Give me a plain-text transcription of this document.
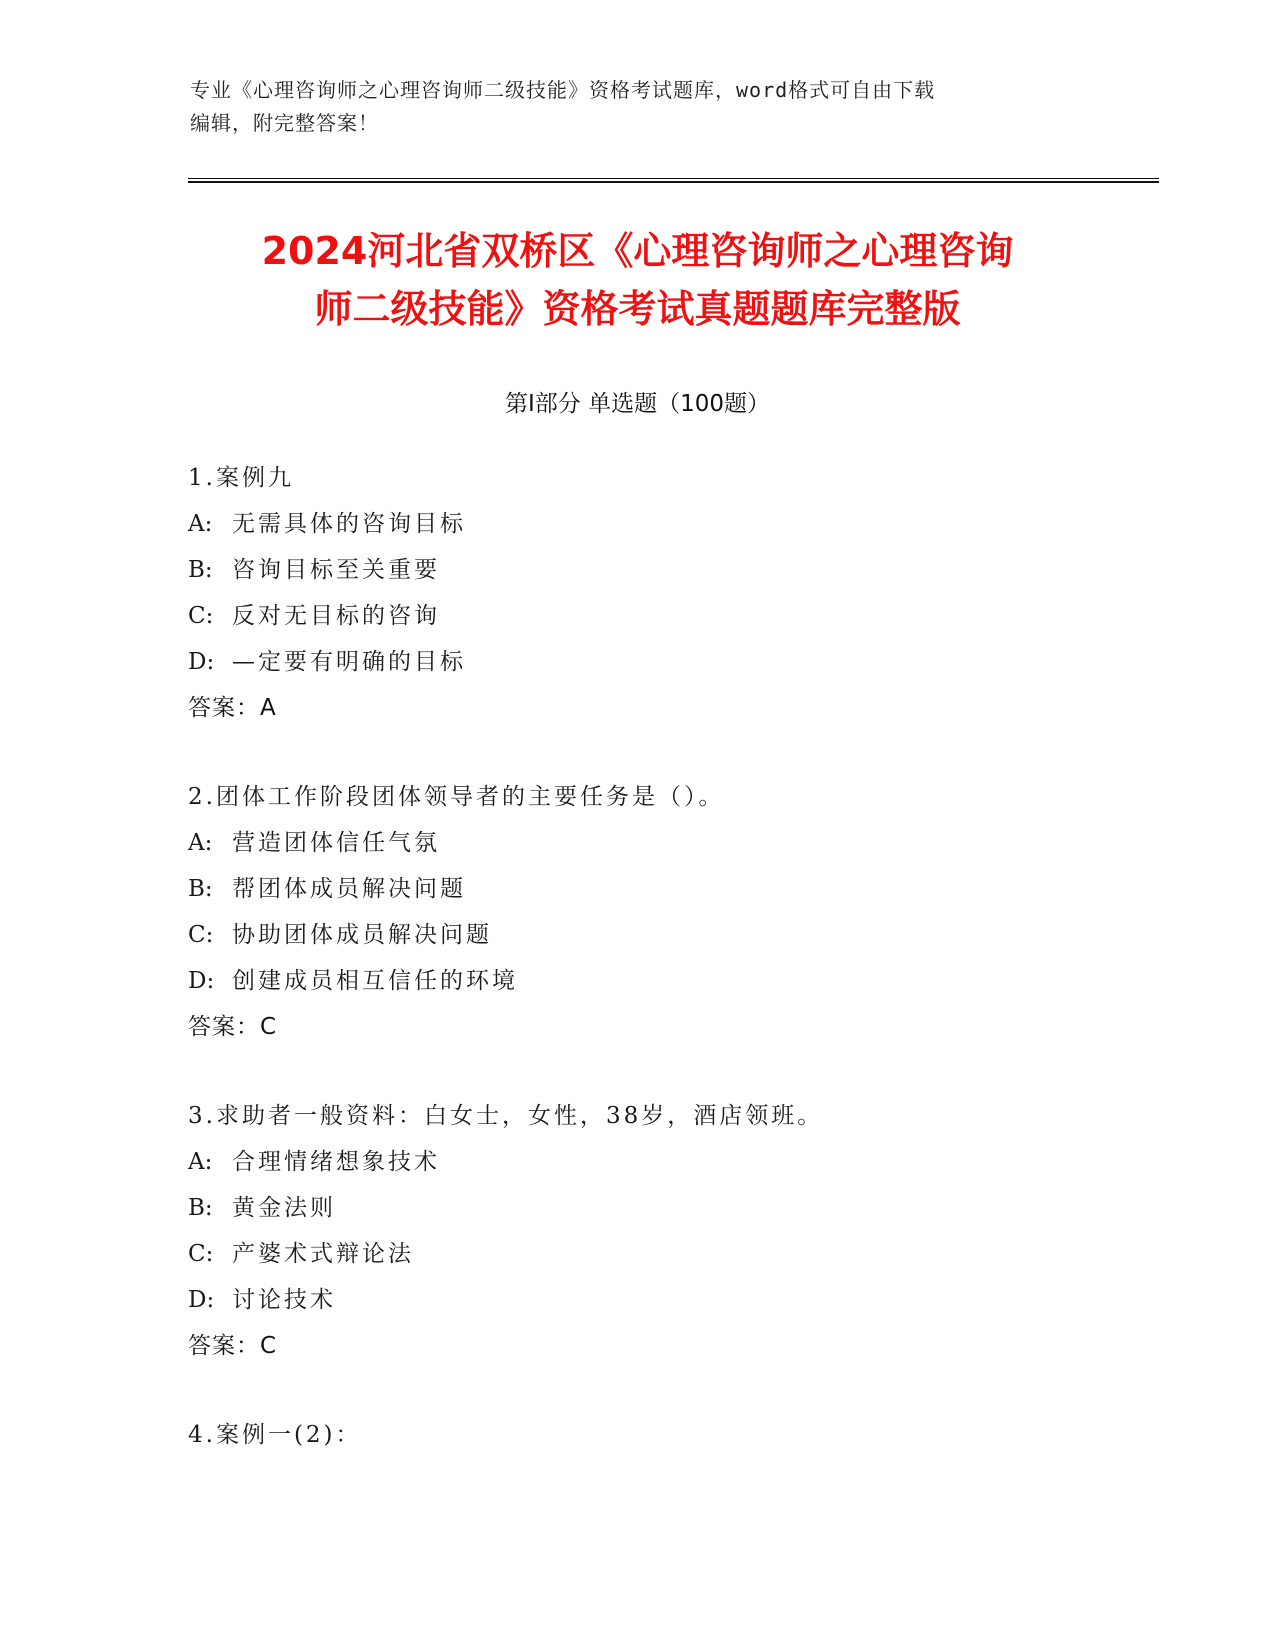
专业《心理咨询师之心理咨询师二级技能》资格考试题库，word格式可自由下载
编辑，附完整答案！
2024河北省双桥区《心理咨询师之心理咨询
师二级技能》资格考试真题题库完整版
第Ⅰ部分 单选题（100题）
1.案例九
A: 无需具体的咨询目标
B: 咨询目标至关重要
C: 反对无目标的咨询
D: —定要有明确的目标
答案：A
2.团体工作阶段团体领导者的主要任务是（）。
A: 营造团体信任气氛
B: 帮团体成员解决问题
C: 协助团体成员解决问题
D: 创建成员相互信任的环境
答案：C
3.求助者一般资料：白女士，女性，38岁，酒店领班。
A: 合理情绪想象技术
B: 黄金法则
C: 产婆术式辩论法
D: 讨论技术
答案：C
4.案例一(2)：
